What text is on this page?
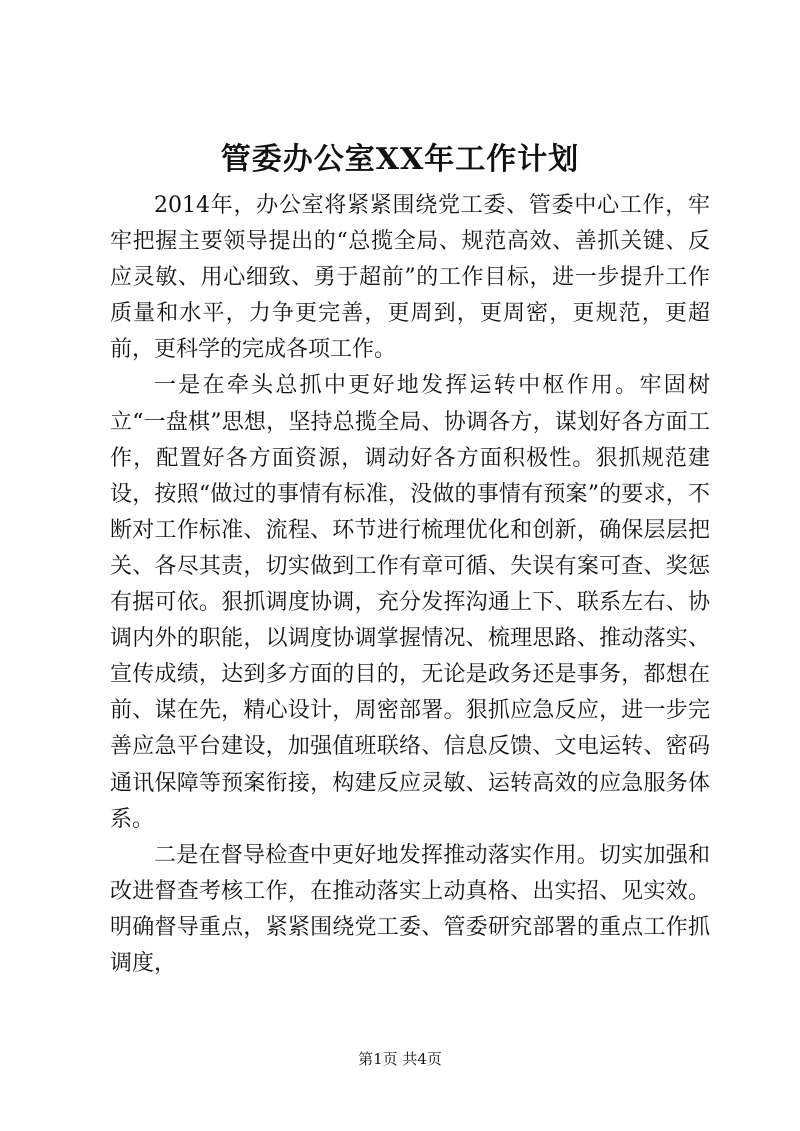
管委办公室XX年工作计划

2014年，办公室将紧紧围绕党工委、管委中心工作，牢牢把握主要领导提出的“总揽全局、规范高效、善抓关键、反应灵敏、用心细致、勇于超前”的工作目标，进一步提升工作质量和水平，力争更完善，更周到，更周密，更规范，更超前，更科学的完成各项工作。

一是在牵头总抓中更好地发挥运转中枢作用。牢固树立“一盘棋”思想，坚持总揽全局、协调各方，谋划好各方面工作，配置好各方面资源，调动好各方面积极性。狠抓规范建设，按照“做过的事情有标准，没做的事情有预案”的要求，不断对工作标准、流程、环节进行梳理优化和创新，确保层层把关、各尽其责，切实做到工作有章可循、失误有案可查、奖惩有据可依。狠抓调度协调，充分发挥沟通上下、联系左右、协调内外的职能，以调度协调掌握情况、梳理思路、推动落实、宣传成绩，达到多方面的目的，无论是政务还是事务，都想在前、谋在先，精心设计，周密部署。狠抓应急反应，进一步完善应急平台建设，加强值班联络、信息反馈、文电运转、密码通讯保障等预案衔接，构建反应灵敏、运转高效的应急服务体系。

二是在督导检查中更好地发挥推动落实作用。切实加强和改进督查考核工作，在推动落实上动真格、出实招、见实效。明确督导重点，紧紧围绕党工委、管委研究部署的重点工作抓调度，

第1页 共4页
